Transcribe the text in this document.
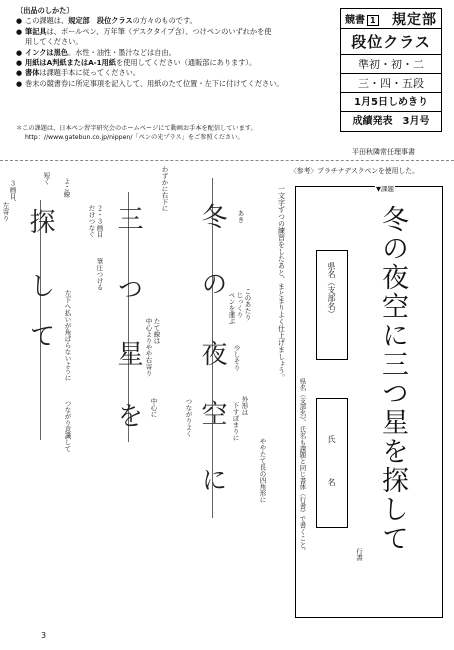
〔出品のしかた〕
● この課題は、規定部　段位クラスの方々のものです。
● 筆記具は、ボールペン、万年筆（デスクタイプ含）、つけペンのいずれかを使
用してください。
● インクは黒色。水性・油性・墨汁などは自由。
● 用紙はA判紙またはA-1用紙を使用してください（通販部にあります）。
● 書体は課題手本に従ってください。
● 巻末の競書券に所定事項を記入して、用紙のたて位置・左下に付けてください。
＊この課題は、日本ペン習字研究会のホームページにて動画お手本を配信しています。
http：//www.gatebun.co.jp/nippen/「ペンの光プラス」をご参照ください。
競書 1 規定部
段位クラス
準初・初・二
三・四・五段
1月5日しめきり
成績発表　3月号
平田秋隣常任理事書
〈参考〉プラチナデスクペンを使用した。
冬
の
夜
空
に
あき
このあたり
じっくり
ペンを運ぶ
少しそり
つながりよく	外形は
下すぼまりに
ややたて長の四角形に
三
つ
星
を
わずかに右下に
２・３画目
だけつなぐ
筆圧つける
たて線は
中心よりやや右寄り
中心に
探
し
て
よこ線
短く
３画目、
左寄り
左下へ払いが角ばらないように
つながり意識して
一文字ずつの練習をしたあと、まとまりよく仕上げましょう。	▼課題
県名（支部名）
氏
名
県名（支部名）、氏名も課題と同じ書体（行書）で書くこと。
行書
冬の夜空に三つ星を探して
3
